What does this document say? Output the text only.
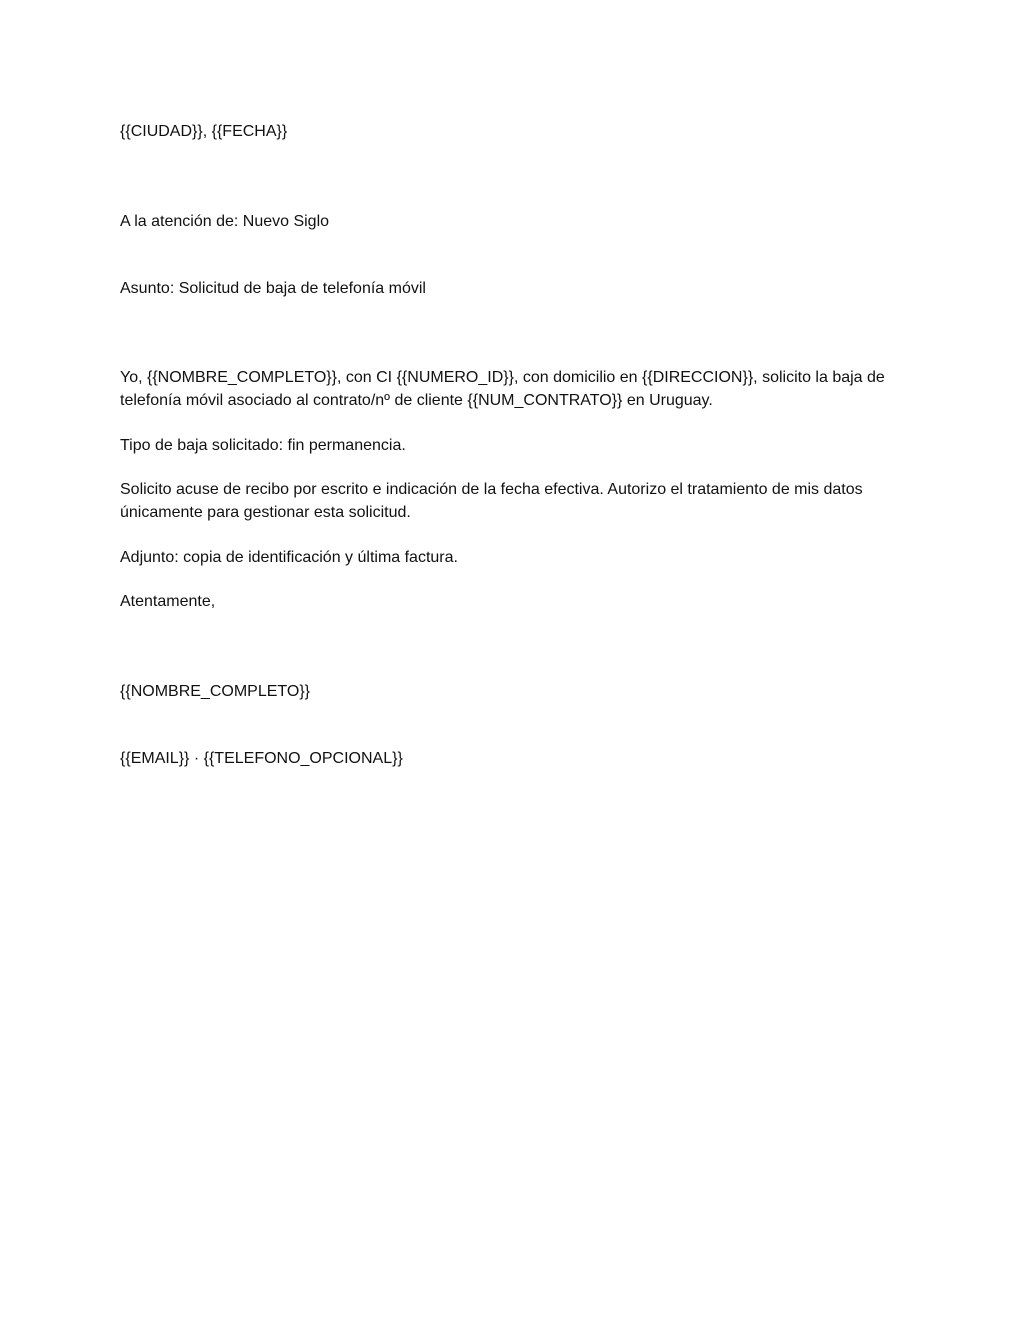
{{CIUDAD}}, {{FECHA}}

A la atención de: Nuevo Siglo

Asunto: Solicitud de baja de telefonía móvil

Yo, {{NOMBRE_COMPLETO}}, con CI {{NUMERO_ID}}, con domicilio en {{DIRECCION}}, solicito la baja de telefonía móvil asociado al contrato/nº de cliente {{NUM_CONTRATO}} en Uruguay.

Tipo de baja solicitado: fin permanencia.

Solicito acuse de recibo por escrito e indicación de la fecha efectiva. Autorizo el tratamiento de mis datos únicamente para gestionar esta solicitud.

Adjunto: copia de identificación y última factura.

Atentamente,

{{NOMBRE_COMPLETO}}

{{EMAIL}} · {{TELEFONO_OPCIONAL}}
